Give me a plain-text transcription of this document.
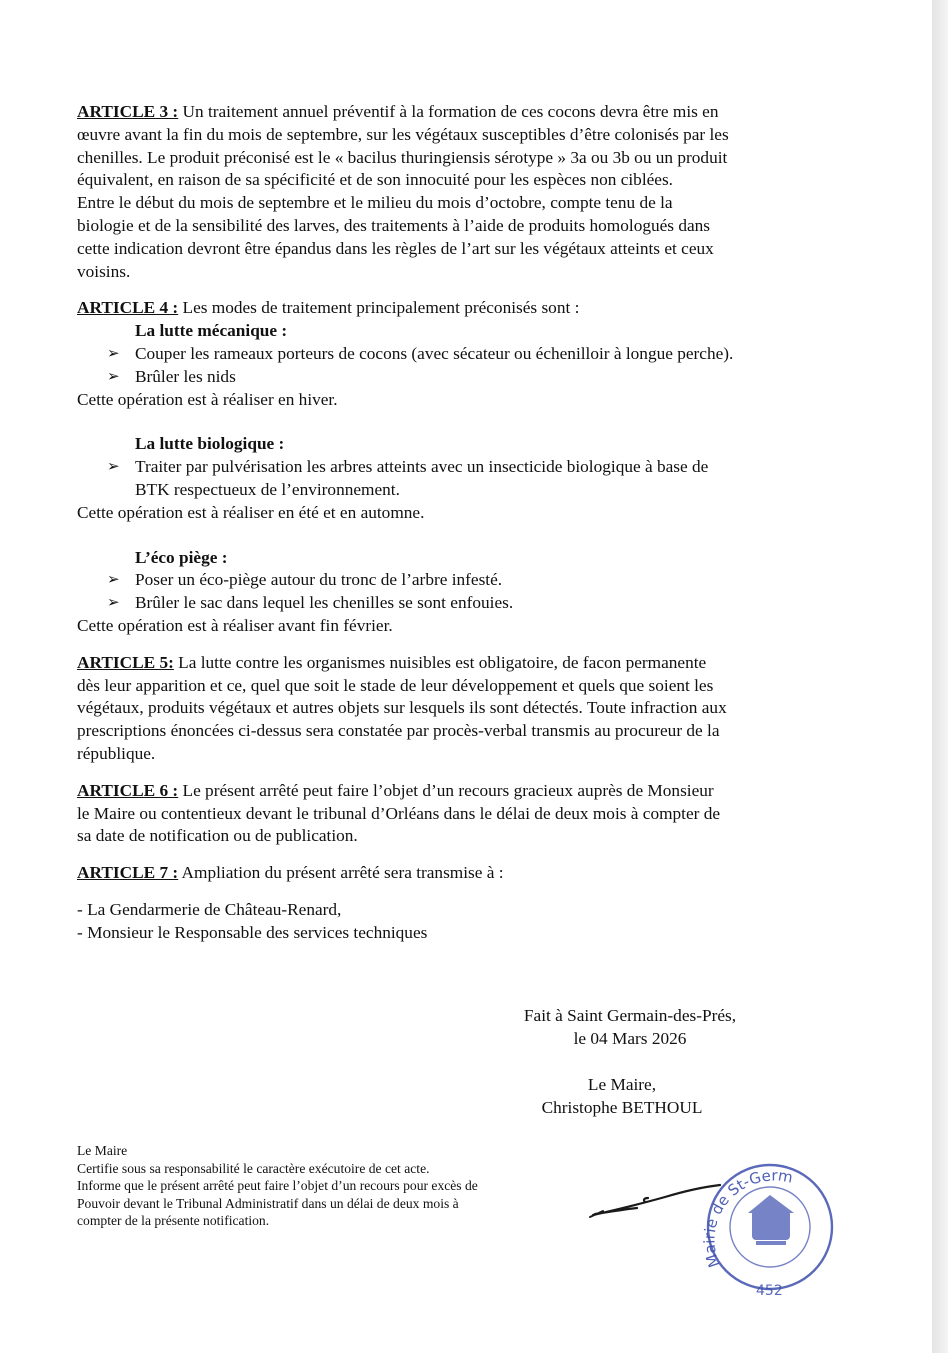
ARTICLE 3 : Un traitement annuel préventif à la formation de ces cocons devra être mis en

œuvre avant la fin du mois de septembre, sur les végétaux susceptibles d’être colonisés par les

chenilles. Le produit préconisé est le « bacilus thuringiensis sérotype » 3a ou 3b ou un produit

équivalent, en raison de sa spécificité et de son innocuité pour les espèces non ciblées.

Entre le début du mois de septembre et le milieu du mois d’octobre, compte tenu de la

biologie et de la sensibilité des larves, des traitements à l’aide de produits homologués dans

cette indication devront être épandus dans les règles de l’art sur les végétaux atteints et ceux

voisins.

ARTICLE 4 : Les modes de traitement principalement préconisés sont :

La lutte mécanique :

➢ Couper les rameaux porteurs de cocons (avec sécateur ou échenilloir à longue perche).

➢ Brûler les nids

Cette opération est à réaliser en hiver.

La lutte biologique :

➢ Traiter par pulvérisation les arbres atteints avec un insecticide biologique à base de

BTK respectueux de l’environnement.

Cette opération est à réaliser en été et en automne.

L’éco piège :

➢ Poser un éco-piège autour du tronc de l’arbre infesté.

➢ Brûler le sac dans lequel les chenilles se sont enfouies.

Cette opération est à réaliser avant fin février.

ARTICLE 5: La lutte contre les organismes nuisibles est obligatoire, de facon permanente

dès leur apparition et ce, quel que soit le stade de leur développement et quels que soient les

végétaux, produits végétaux et autres objets sur lesquels ils sont détectés. Toute infraction aux

prescriptions énoncées ci-dessus sera constatée par procès-verbal transmis au procureur de la

république.

ARTICLE 6 : Le présent arrêté peut faire l’objet d’un recours gracieux auprès de Monsieur

le Maire ou contentieux devant le tribunal d’Orléans dans le délai de deux mois à compter de

sa date de notification ou de publication.

ARTICLE 7 : Ampliation du présent arrêté sera transmise à :

- La Gendarmerie de Château-Renard,

- Monsieur le Responsable des services techniques

Fait à Saint Germain-des-Prés,

le 04 Mars 2026

Le Maire,

Christophe BETHOUL

Le Maire

Certifie sous sa responsabilité le caractère exécutoire de cet acte.

Informe que le présent arrêté peut faire l’objet d’un recours pour excès de

Pouvoir devant le Tribunal Administratif dans un délai de deux mois à

compter de la présente notification.

Mairie de St-Germ
452
